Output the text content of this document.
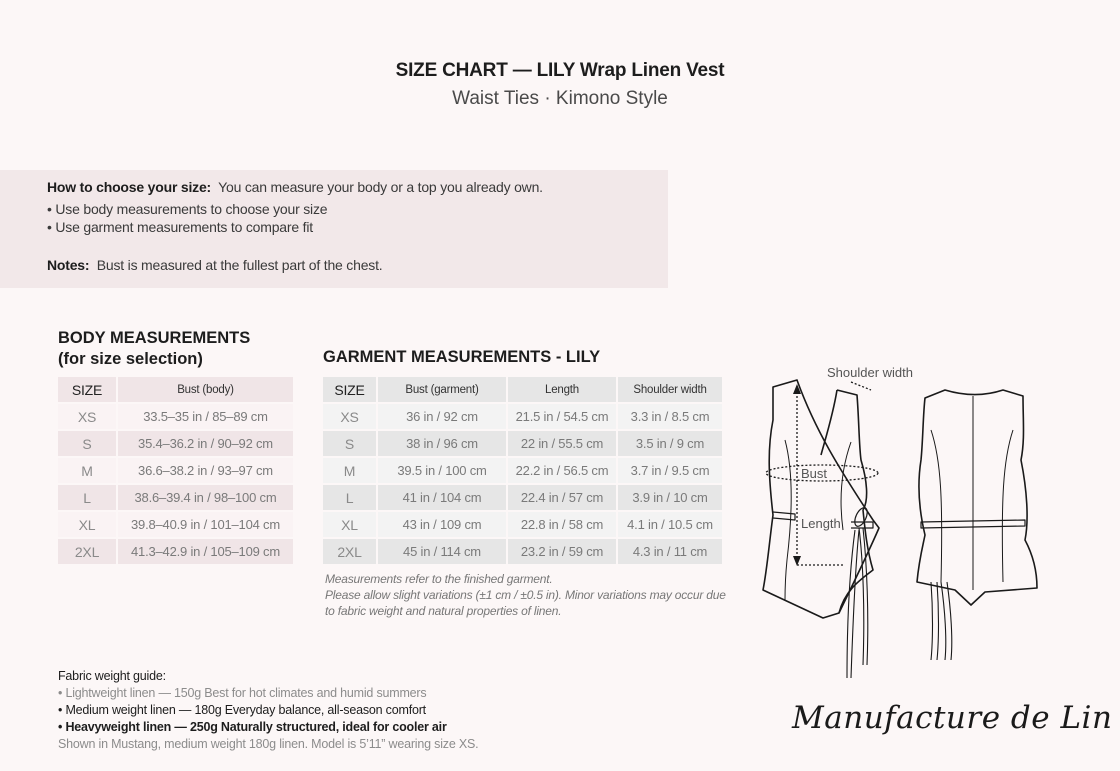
SIZE CHART — LILY Wrap Linen Vest
Waist Ties · Kimono Style
How to choose your size: You can measure your body or a top you already own.
• Use body measurements to choose your size
• Use garment measurements to compare fit
Notes: Bust is measured at the fullest part of the chest.
BODY MEASUREMENTS
(for size selection)
SIZE	Bust (body)
XS	33.5–35 in / 85–89 cm
S	35.4–36.2 in / 90–92 cm
M	36.6–38.2 in / 93–97 cm
L	38.6–39.4 in / 98–100 cm
XL	39.8–40.9 in / 101–104 cm
2XL	41.3–42.9 in / 105–109 cm
GARMENT MEASUREMENTS - LILY
SIZE	Bust (garment)	Length	Shoulder width
XS	36 in / 92 cm	21.5 in / 54.5 cm	3.3 in / 8.5 cm
S	38 in / 96 cm	22 in / 55.5 cm	3.5 in / 9 cm
M	39.5 in / 100 cm	22.2 in / 56.5 cm	3.7 in / 9.5 cm
L	41 in / 104 cm	22.4 in / 57 cm	3.9 in / 10 cm
XL	43 in / 109 cm	22.8 in / 58 cm	4.1 in / 10.5 cm
2XL	45 in / 114 cm	23.2 in / 59 cm	4.3 in / 11 cm
Measurements refer to the finished garment.
Please allow slight variations (±1 cm / ±0.5 in). Minor variations may occur due
to fabric weight and natural properties of linen.
Shoulder width
Bust
Length
Fabric weight guide:
• Lightweight linen — 150g Best for hot climates and humid summers
• Medium weight linen — 180g Everyday balance, all-season comfort
• Heavyweight linen — 250g Naturally structured, ideal for cooler air
Shown in Mustang, medium weight 180g linen. Model is 5’11” wearing size XS.
Manufacture de Lin
